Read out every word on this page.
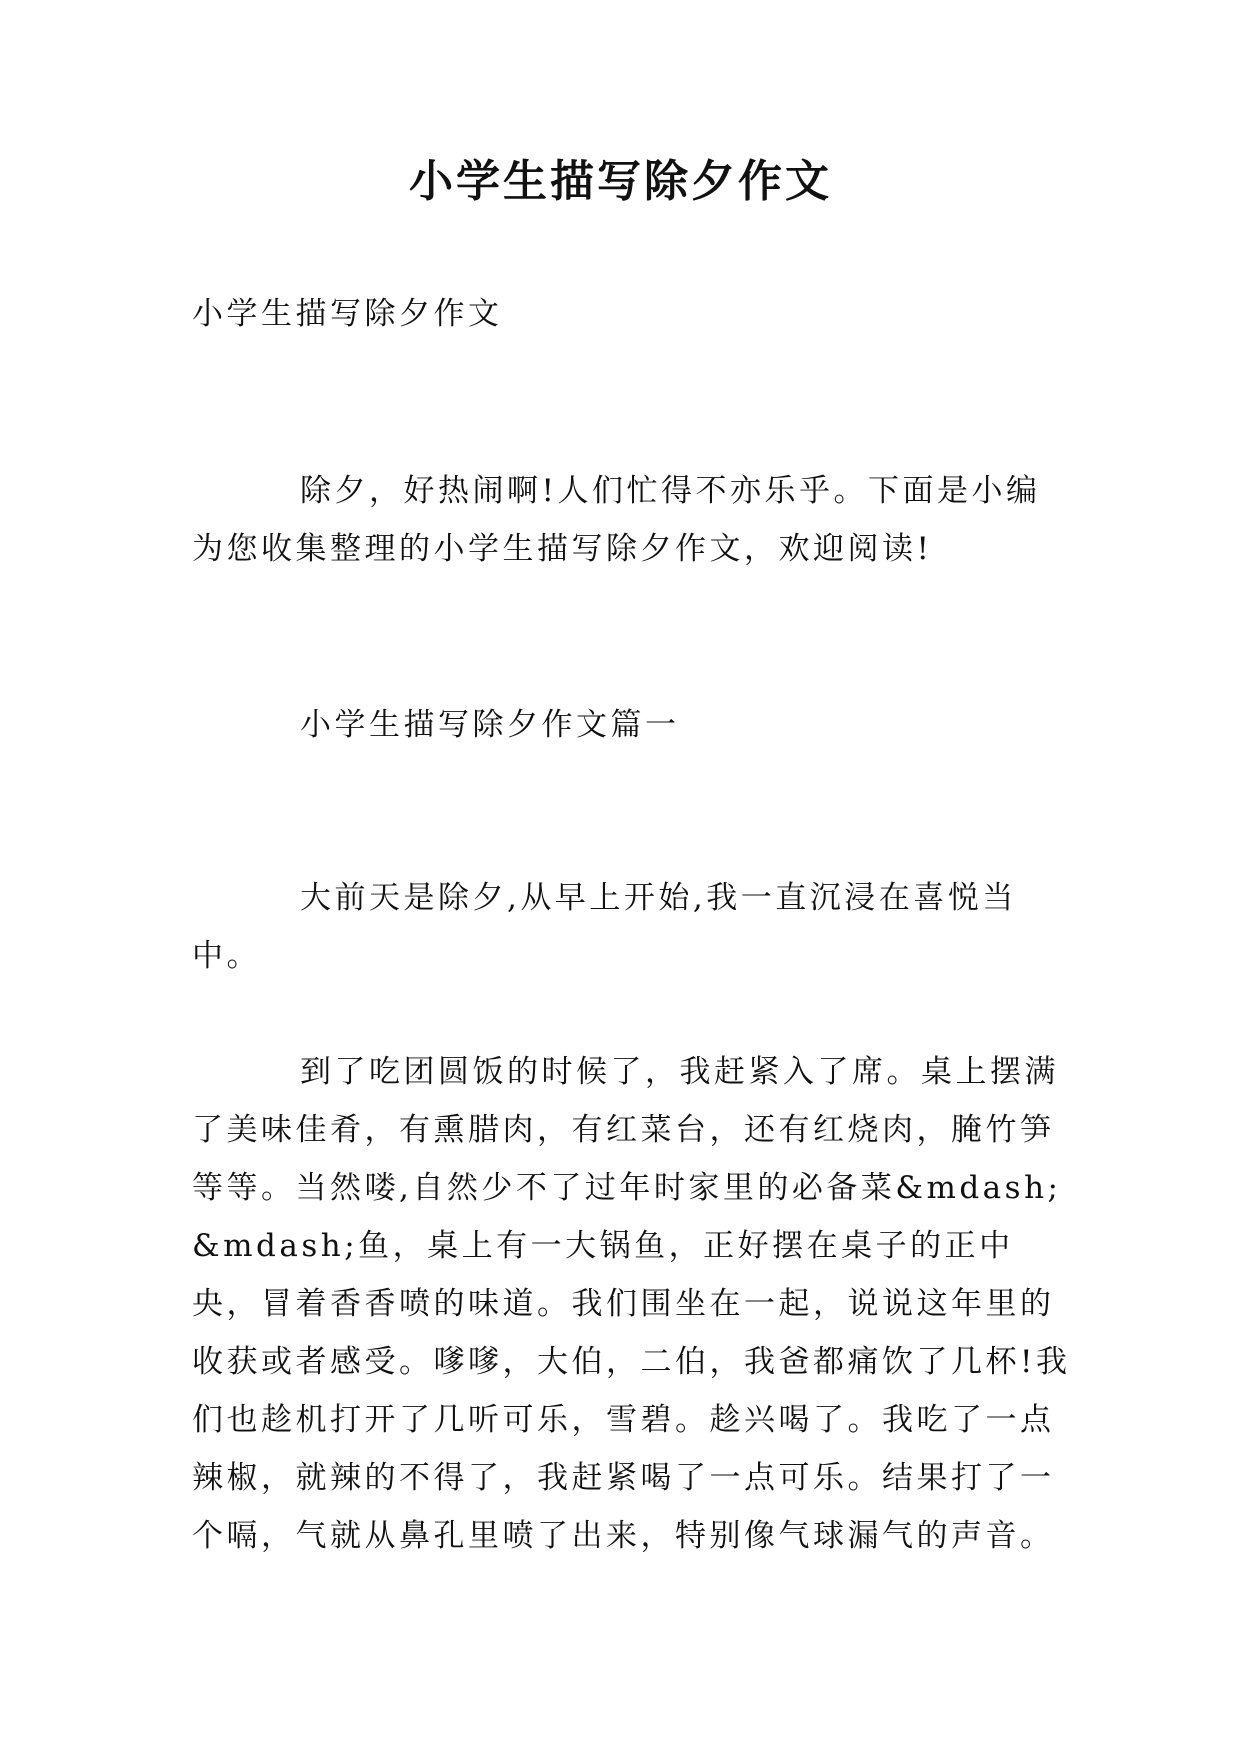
小学生描写除夕作文

小学生描写除夕作文

除夕，好热闹啊!人们忙得不亦乐乎。下面是小编为您收集整理的小学生描写除夕作文，欢迎阅读!

小学生描写除夕作文篇一

大前天是除夕,从早上开始,我一直沉浸在喜悦当中。

到了吃团圆饭的时候了，我赶紧入了席。桌上摆满了美味佳肴，有熏腊肉，有红菜台，还有红烧肉，腌竹笋等等。当然喽,自然少不了过年时家里的必备菜&mdash;&mdash;鱼，桌上有一大锅鱼，正好摆在桌子的正中央，冒着香香喷的味道。我们围坐在一起，说说这年里的收获或者感受。嗲嗲，大伯，二伯，我爸都痛饮了几杯!我们也趁机打开了几听可乐，雪碧。趁兴喝了。我吃了一点辣椒，就辣的不得了，我赶紧喝了一点可乐。结果打了一个嗝，气就从鼻孔里喷了出来，特别像气球漏气的声音。
